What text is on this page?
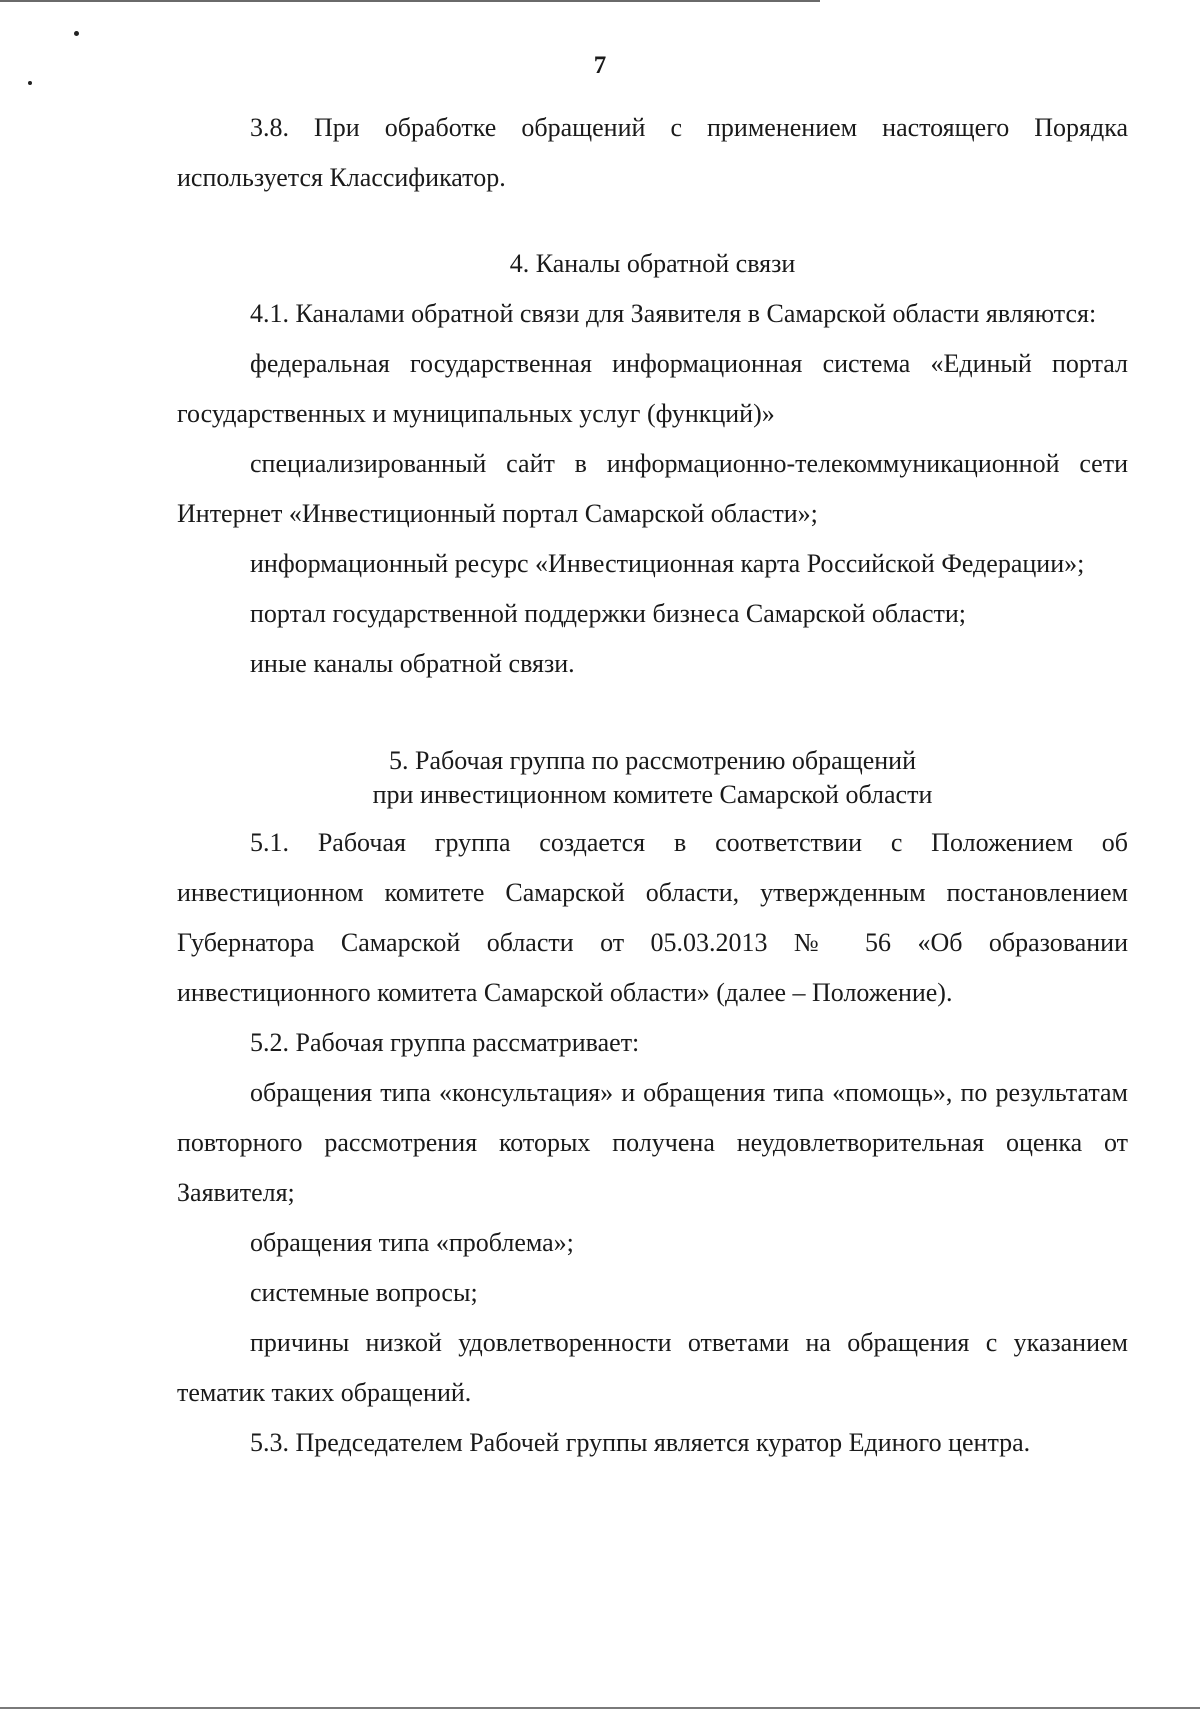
7

3.8. При обработке обращений с применением настоящего Порядка используется Классификатор.

4. Каналы обратной связи

4.1. Каналами обратной связи для Заявителя в Самарской области являются:

федеральная государственная информационная система «Единый портал государственных и муниципальных услуг (функций)»

специализированный сайт в информационно-телекоммуникационной сети Интернет «Инвестиционный портал Самарской области»;

информационный ресурс «Инвестиционная карта Российской Федерации»;

портал государственной поддержки бизнеса Самарской области;

иные каналы обратной связи.

5. Рабочая группа по рассмотрению обращений
при инвестиционном комитете Самарской области

5.1. Рабочая группа создается в соответствии с Положением об инвестиционном комитете Самарской области, утвержденным постановлением Губернатора Самарской области от 05.03.2013 № 56 «Об образовании инвестиционного комитета Самарской области» (далее – Положение).

5.2. Рабочая группа рассматривает:

обращения типа «консультация» и обращения типа «помощь», по результатам повторного рассмотрения которых получена неудовлетворительная оценка от Заявителя;

обращения типа «проблема»;

системные вопросы;

причины низкой удовлетворенности ответами на обращения с указанием тематик таких обращений.

5.3. Председателем Рабочей группы является куратор Единого центра.
